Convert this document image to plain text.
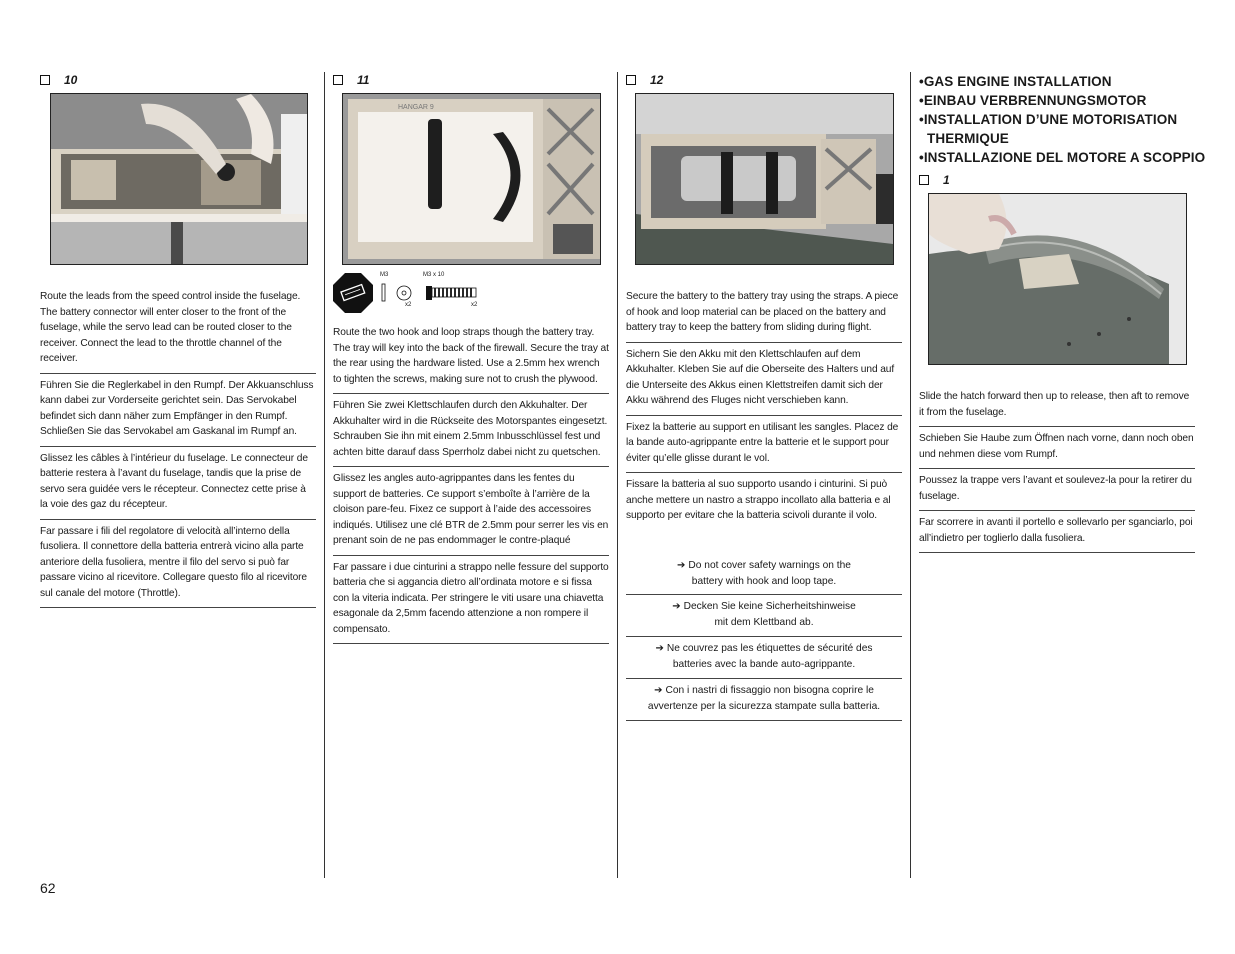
10
Route the leads from the speed control inside the fuselage. The battery connector will enter closer to the front of the fuselage, while the servo lead can be routed closer to the receiver. Connect the lead to the throttle channel of the receiver.
Führen Sie die Reglerkabel in den Rumpf. Der Akkuanschluss kann dabei zur Vorderseite gerichtet sein. Das Servokabel befindet sich dann näher zum Empfänger in den Rumpf. Schließen Sie das Servokabel am Gaskanal im Rumpf an.
Glissez les câbles à l’intérieur du fuselage. Le connecteur de batterie restera à l’avant du fuselage, tandis que la prise de servo sera guidée vers le récepteur. Connectez cette prise à la voie des gaz du récepteur.
Far passare i fili del regolatore di velocità all’interno della fusoliera. Il connettore della batteria entrerà vicino alla parte anteriore della fusoliera, mentre il filo del servo si può far passare vicino al ricevitore. Collegare questo filo al ricevitore sul canale del motore (Throttle).
11
HANGAR 9
M3	M3 x 10
x2	x2
Route the two hook and loop straps though the battery tray. The tray will key into the back of the firewall. Secure the tray at the rear using the hardware listed. Use a 2.5mm hex wrench to tighten the screws, making sure not to crush the plywood.
Führen Sie zwei Klettschlaufen durch den Akkuhalter. Der Akkuhalter wird in die Rückseite des Motorspantes eingesetzt. Schrauben Sie ihn mit einem 2.5mm Inbusschlüssel fest und achten bitte darauf dass Sperrholz dabei nicht zu quetschen.
Glissez les angles auto-agrippantes dans les fentes du support de batteries. Ce support s’emboîte à l’arrière de la cloison pare-feu. Fixez ce support à l’aide des accessoires indiqués. Utilisez une clé BTR de 2.5mm pour serrer les vis en prenant soin de ne pas endommager le contre-plaqué
Far passare i due cinturini a strappo nelle fessure del supporto batteria che si aggancia dietro all’ordinata motore e si fissa con la viteria indicata. Per stringere le viti usare una chiavetta esagonale da 2,5mm facendo attenzione a non rompere il compensato.
12
Secure the battery to the battery tray using the straps. A piece of hook and loop material can be placed on the battery and battery tray to keep the battery from sliding during flight.
Sichern Sie den Akku mit den Klettschlaufen auf dem Akkuhalter. Kleben Sie auf die Oberseite des Halters und auf die Unterseite des Akkus einen Klettstreifen damit sich der Akku während des Fluges nicht verschieben kann.
Fixez la batterie au support en utilisant les sangles. Placez de la bande auto-agrippante entre la batterie et le support pour éviter qu’elle glisse durant le vol.
Fissare la batteria al suo supporto usando i cinturini. Si può anche mettere un nastro a strappo incollato alla batteria e al supporto per evitare che la batteria scivoli durante il volo.
➔ Do not cover safety warnings on the
battery with hook and loop tape.
➔ Decken Sie keine Sicherheitshinweise
mit dem Klettband ab.
➔ Ne couvrez pas les étiquettes de sécurité des
batteries avec la bande auto-agrippante.
➔ Con i nastri di fissaggio non bisogna coprire le
avvertenze per la sicurezza stampate sulla batteria.
•GAS ENGINE INSTALLATION
•EINBAU VERBRENNUNGSMOTOR
•INSTALLATION D’UNE MOTORISATION
THERMIQUE
•INSTALLAZIONE DEL MOTORE A SCOPPIO
1
Slide the hatch forward then up to release, then aft to remove it from the fuselage.
Schieben Sie Haube zum Öffnen nach vorne, dann noch oben und nehmen diese vom Rumpf.
Poussez la trappe vers l’avant et soulevez-la pour la retirer du fuselage.
Far scorrere in avanti il portello e sollevarlo per sganciarlo, poi all’indietro per toglierlo dalla fusoliera.
62
